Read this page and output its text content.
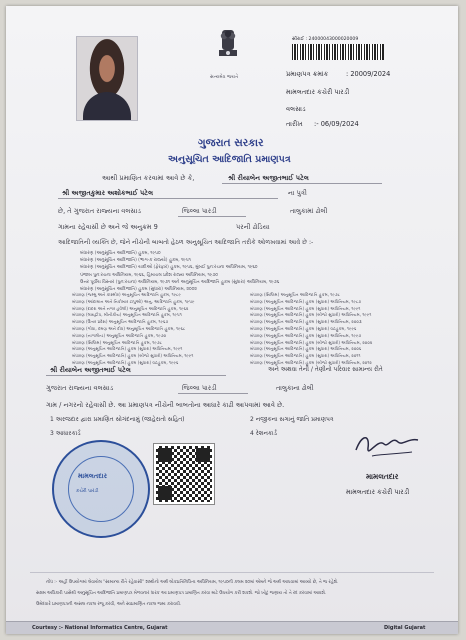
સત્યમેવ જયતે
સીરાઈ : 24000043000020009
પ્રમાણપત્ર ક્રમાંક	: 20009/2024
મામલતદાર કચેરી પારડી
વલસાડ
તારીખ :- 06/09/2024
ગુજરાત સરકાર
અનુસૂચિત આદિજાતિ પ્રમાણપત્ર
આથી પ્રમાણિત કરવામાં આવે છે કે,	શ્રી રીયાબેન અજીતભાઈ પટેલ
શ્રી અજીતકુમાર અશોકભાઈ પટેલ	ના પુત્રી
છે, તે ગુજરાત રાજ્યના વલસાડ	જિલ્લા પારડી	તાલુકામાં ઢોલી
ગામના રહેવાસી છે અને જે અનુક્રમ 9	પરની ઢોડિયા
આદિજાતિની વ્યક્તિ છે, જેને નીચેની બાબતો હેઠળ અનુસૂચિત આદિજાતિ તરીકે ઓળખવામાં આવે છે :-
બંધારણ (અનુસૂચિત આદિજાતિ) હુકમ, ૧૯૫૦
બંધારણ (અનુસૂચિત આદિજાતિ) (ભાગ-ક રાજ્યો) હુકમ, ૧૯૫૧
બંધારણ (અનુસૂચિત આદિજાતિ) યાદીઓ (ફેરફાર) હુકમ, ૧૯૫૬, મુંબઈ પુનઃરચના અધિનિયમ, ૧૯૬૦
પંજાબ પુનઃરચના અધિનિયમ, ૧૯૬૬, હિમાચલ પ્રદેશ રાજ્ય અધિનિયમ, ૧૯૭૦
ઉત્તર પૂર્વીય વિસ્તાર (પુનઃરચના) અધિનિયમ, ૧૯૭૧ અને અનુસૂચિત આદિજાતિ હુકમ (સુધારા) અધિનિયમ, ૧૯૭૬
બંધારણ (અનુસૂચિત આદિજાતિ) હુકમ (સુધારા) અધિનિયમ, ૨૦૦૨
બંધારણ (જમ્મુ અને કાશ્મીર) અનુસૂચિત આદિજાતિ હુકમ, ૧૯૮૯
બંધારણ (આંદામાન અને નિકોબાર ટાપુઓ) અનુ. આદિજાતિ હુકમ, ૧૯૫૯
બંધારણ (દાદરા અને નગર હવેલી) અનુસૂચિત આદિજાતિ હુકમ, ૧૯૬૨
બંધારણ (લક્ષદ્વીપ, મીનીકોય) અનુસૂચિત આદિજાતિ હુકમ, ૧૯૫૧
બંધારણ (ઉત્તર પ્રદેશ) અનુસૂચિત આદિજાતિ હુકમ, ૧૯૬૭
બંધારણ (ગોવા, દમણ અને દીવ) અનુસૂચિત આદિજાતિ હુકમ, ૧૯૬૮
બંધારણ (નાગાલેન્ડ) અનુસૂચિત આદિજાતિ હુકમ, ૧૯૭૦
બંધારણ (સિક્કિમ) અનુસૂચિત આદિજાતિ હુકમ, ૧૯૭૮
બંધારણ (અનુસૂચિત આદિજાતિ) હુકમ (સુધારા) અધિનિયમ, ૧૯૯૧
બંધારણ (અનુસૂચિત આદિજાતિ) હુકમ (બીજો સુધારો) અધિનિયમ, ૧૯૯૧
બંધારણ (અનુસૂચિત આદિજાતિ) હુકમ (સુધારા) વટહુકમ, ૧૯૯૬
બંધારણ (સિક્કિમ) અનુસૂચિત આદિજાતિ હુકમ, ૧૯૭૮
બંધારણ (અનુસૂચિત આદિજાતિ) હુકમ (સુધારા) અધિનિયમ, ૧૯૮૭
બંધારણ (અનુસૂચિત આદિજાતિ) હુકમ (સુધારા) અધિનિયમ, ૧૯૯૧
બંધારણ (અનુસૂચિત આદિજાતિ) હુકમ (બીજો સુધારો) અધિનિયમ, ૧૯૯૧
બંધારણ (અનુસૂચિત આદિજાતિ) હુકમ (સુધારા) અધિનિયમ, ૨૦૦૩
બંધારણ (અનુસૂચિત આદિજાતિ) હુકમ (સુધારા) વટહુકમ, ૧૯૯૬
બંધારણ (અનુસૂચિત આદિજાતિ) હુકમ (સુધારા) અધિનિયમ, ૧૯૯૭
બંધારણ (અનુસૂચિત આદિજાતિ) હુકમ (બીજો સુધારો) અધિનિયમ, ૨૦૦૨
બંધારણ (અનુસૂચિત આદિજાતિ) હુકમ (સુધારા) અધિનિયમ, ૨૦૦૬
બંધારણ (અનુસૂચિત આદિજાતિ) હુકમ (સુધારા) અધિનિયમ, ૨૦૧૧
બંધારણ (અનુસૂચિત આદિજાતિ) હુકમ (બીજો સુધારો) અધિનિયમ, ૨૦૧૨
શ્રી રીયાબેન અજીતભાઈ પટેલ	અને અથવા તેની / તેણીનો પરિવાર સામાન્ય રીતે
ગુજરાત રાજ્યના વલસાડ	જિલ્લા પારડી	તાલુકાના ઢોલી
ગામ / નગરનો રહેવાસી છે. આ પ્રમાણપત્ર નીચેની બાબતોના આધારે કાઢી આપવામાં આવે છે.
1 અરજદાર દ્વારા પ્રમાણિત સોગંદનામું (જાહેરાતો સહિત)	2 નજીકના સગાનું જાતિ પ્રમાણપત્ર
3 આધારકાર્ડ	4 રેશનકાર્ડ
મામલતદાર
કચેરી પારડી
મામલતદાર
મામલતદાર કચેરી પારડી
નોંધ :- અહીં ઉપયોગમાં લેવાયેલ "સામાન્ય રીતે રહેવાસી" શબ્દોનો અર્થ લોકપ્રતિનિધિત્વ અધિનિયમ, ૧૯૫૦ની કલમ ૨૦માં એમને જે અર્થ આપવામાં આવ્યો છે, તે જ રહેશે.
સક્ષમ અધિકારી પાસેથી અનુસૂચિત આદિજાતિ પ્રમાણપત્ર મેળવનાર ધારક આ પ્રમાણપત્ર પ્રમાણિત કરવા માટે ઉપયોગ કરી શકશે. જો ખોટું જણાય તો તે રદ કરવામાં આવશે.
ઉમેદવારે પ્રમાણપત્રની અસલ નકલ રજૂ કરવી, અને સ્વપ્રમાણિત નકલ જમા કરાવવી.
Courtesy :- National Informatics Centre, Gujarat	Digital Gujarat
